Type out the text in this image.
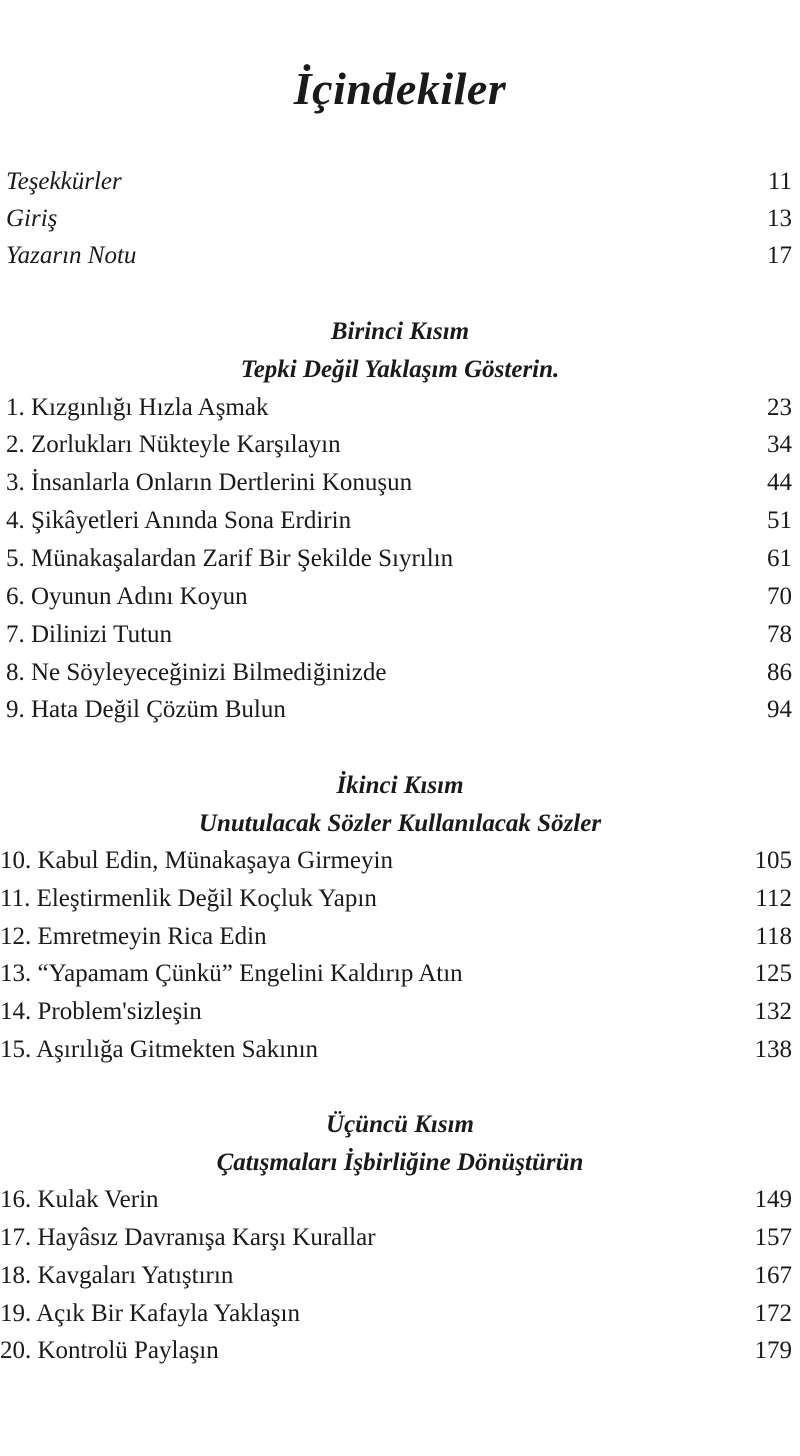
İçindekiler
Teşekkürler	11
Giriş	13
Yazarın Notu	17
Birinci Kısım
Tepki Değil Yaklaşım Gösterin.
1. Kızgınlığı Hızla Aşmak	23
2. Zorlukları Nükteyle Karşılayın	34
3. İnsanlarla Onların Dertlerini Konuşun	44
4. Şikâyetleri Anında Sona Erdirin	51
5. Münakaşalardan Zarif Bir Şekilde Sıyrılın	61
6. Oyunun Adını Koyun	70
7. Dilinizi Tutun	78
8. Ne Söyleyeceğinizi Bilmediğinizde	86
9. Hata Değil Çözüm Bulun	94
İkinci Kısım
Unutulacak Sözler Kullanılacak Sözler
10. Kabul Edin, Münakaşaya Girmeyin	105
11. Eleştirmenlik Değil Koçluk Yapın	112
12. Emretmeyin Rica Edin	118
13. “Yapamam Çünkü” Engelini Kaldırıp Atın	125
14. Problem'sizleşin	132
15. Aşırılığa Gitmekten Sakının	138
Üçüncü Kısım
Çatışmaları İşbirliğine Dönüştürün
16. Kulak Verin	149
17. Hayâsız Davranışa Karşı Kurallar	157
18. Kavgaları Yatıştırın	167
19. Açık Bir Kafayla Yaklaşın	172
20. Kontrolü Paylaşın	179
